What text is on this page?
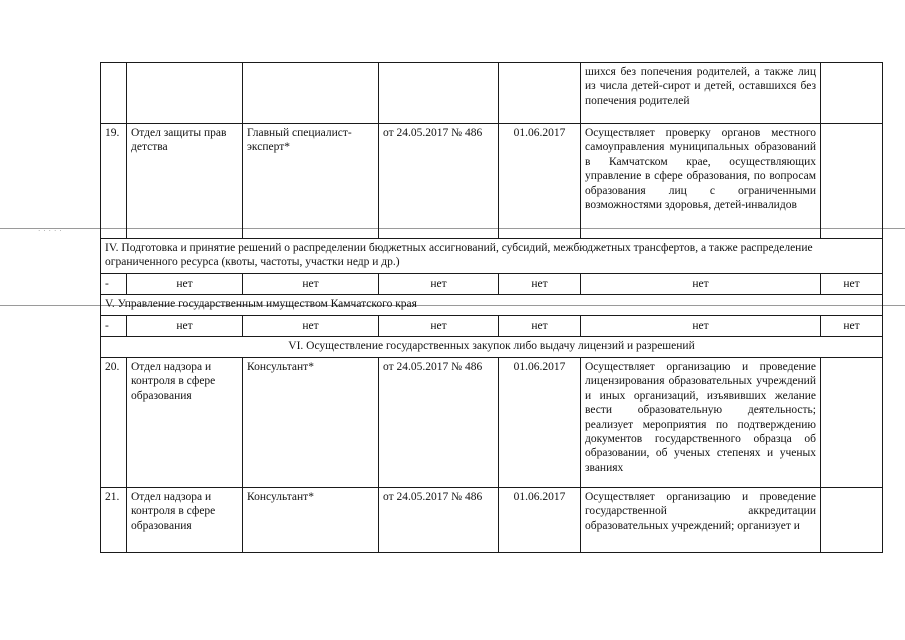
·····
					шихся без попечения родителей, а также лиц из числа детей-сирот и детей, оставшихся без попечения родителей	
19.	Отдел защиты прав детства	Главный специалист-эксперт*	от 24.05.2017 № 486	01.06.2017	Осуществляет проверку органов местного самоуправления муниципальных образований в Камчатском крае, осуществляющих управление в сфере образования, по вопросам образования лиц с ограниченными возможностями здоровья, детей-инвалидов	
IV. Подготовка и принятие решений о распределении бюджетных ассигнований, субсидий, межбюджетных трансфертов, а также распределение ограниченного ресурса (квоты, частоты, участки недр и др.)						
-	нет	нет	нет	нет	нет	нет
V. Управление государственным имуществом Камчатского края						
-	нет	нет	нет	нет	нет	нет
VI. Осуществление государственных закупок либо выдачу лицензий и разрешений						
20.	Отдел надзора и контроля в сфере образования	Консультант*	от 24.05.2017 № 486	01.06.2017	Осуществляет организацию и проведение лицензирования образовательных учреждений и иных организаций, изъявивших желание вести образовательную деятельность; реализует мероприятия по подтверждению документов государственного образца об образовании, об ученых степенях и ученых званиях	
21.	Отдел надзора и контроля в сфере образования	Консультант*	от 24.05.2017 № 486	01.06.2017	Осуществляет организацию и проведение государственной аккредитации образовательных учреждений; организует и	
